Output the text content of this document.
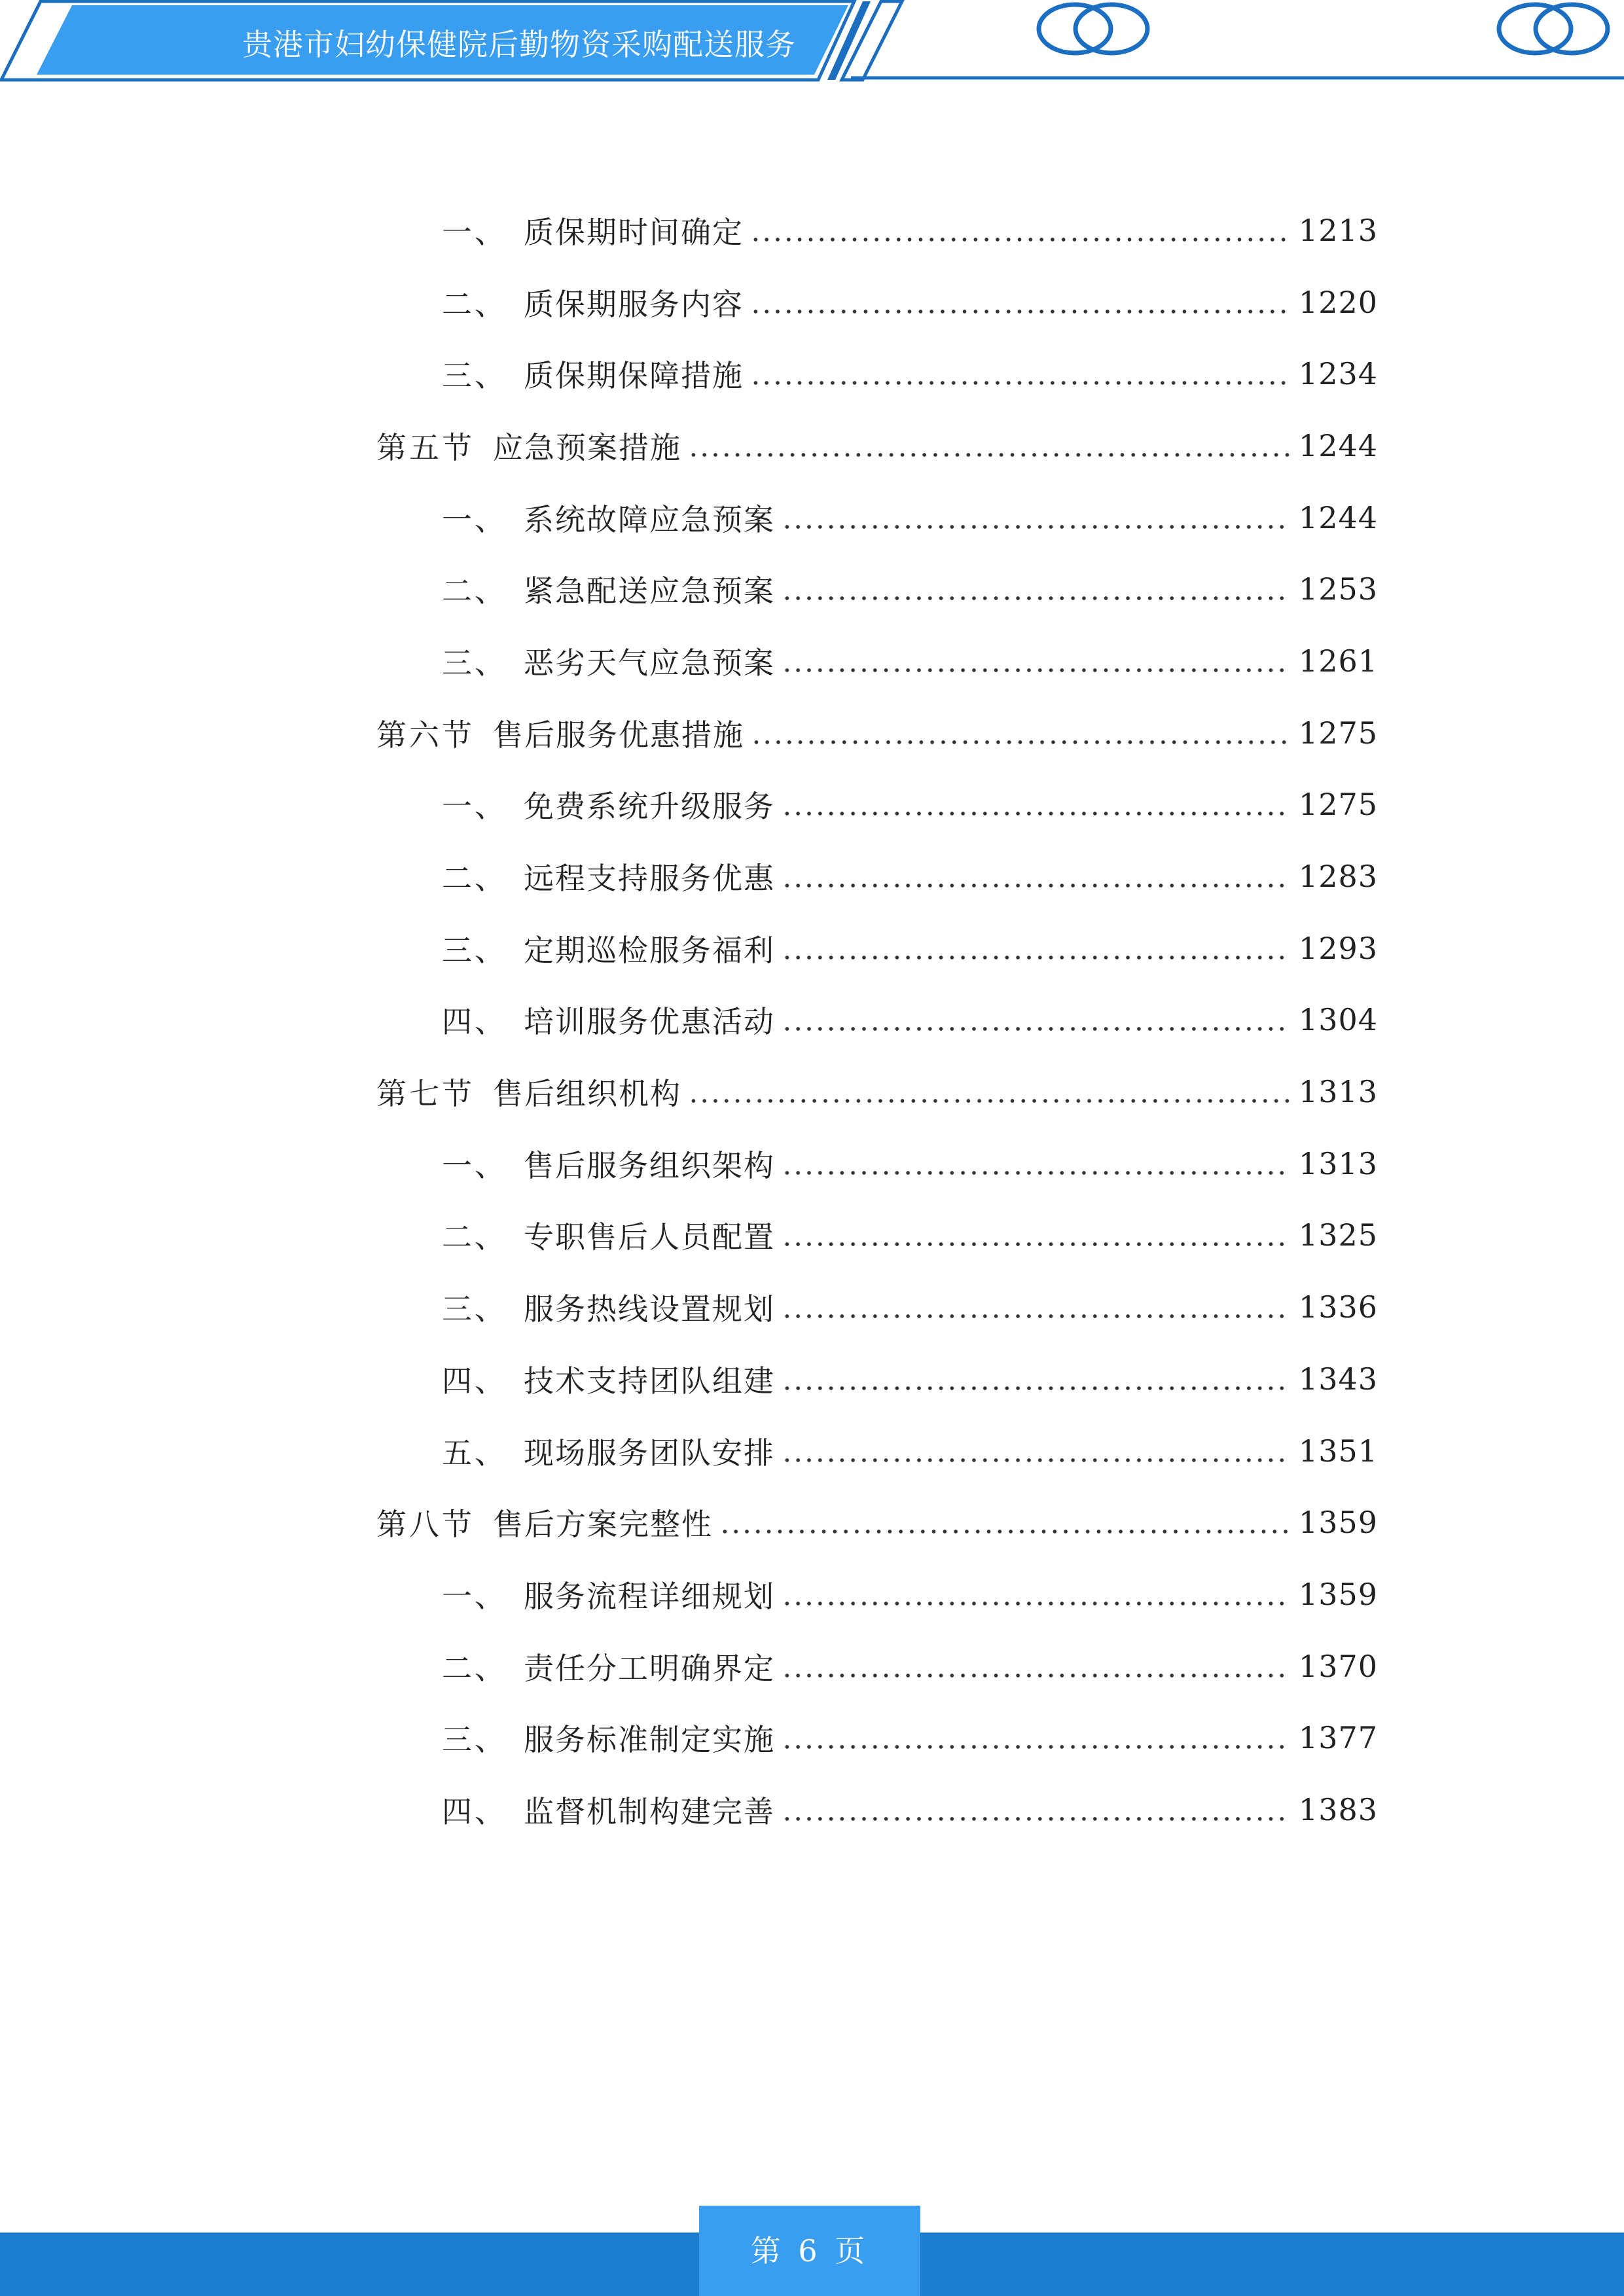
贵港市妇幼保健院后勤物资采购配送服务
一、 质保期时间确定	1213
二、 质保期服务内容	1220
三、 质保期保障措施	1234
第五节 应急预案措施	1244
一、 系统故障应急预案	1244
二、 紧急配送应急预案	1253
三、 恶劣天气应急预案	1261
第六节 售后服务优惠措施	1275
一、 免费系统升级服务	1275
二、 远程支持服务优惠	1283
三、 定期巡检服务福利	1293
四、 培训服务优惠活动	1304
第七节 售后组织机构	1313
一、 售后服务组织架构	1313
二、 专职售后人员配置	1325
三、 服务热线设置规划	1336
四、 技术支持团队组建	1343
五、 现场服务团队安排	1351
第八节 售后方案完整性	1359
一、 服务流程详细规划	1359
二、 责任分工明确界定	1370
三、 服务标准制定实施	1377
四、 监督机制构建完善	1383
第 6 页
